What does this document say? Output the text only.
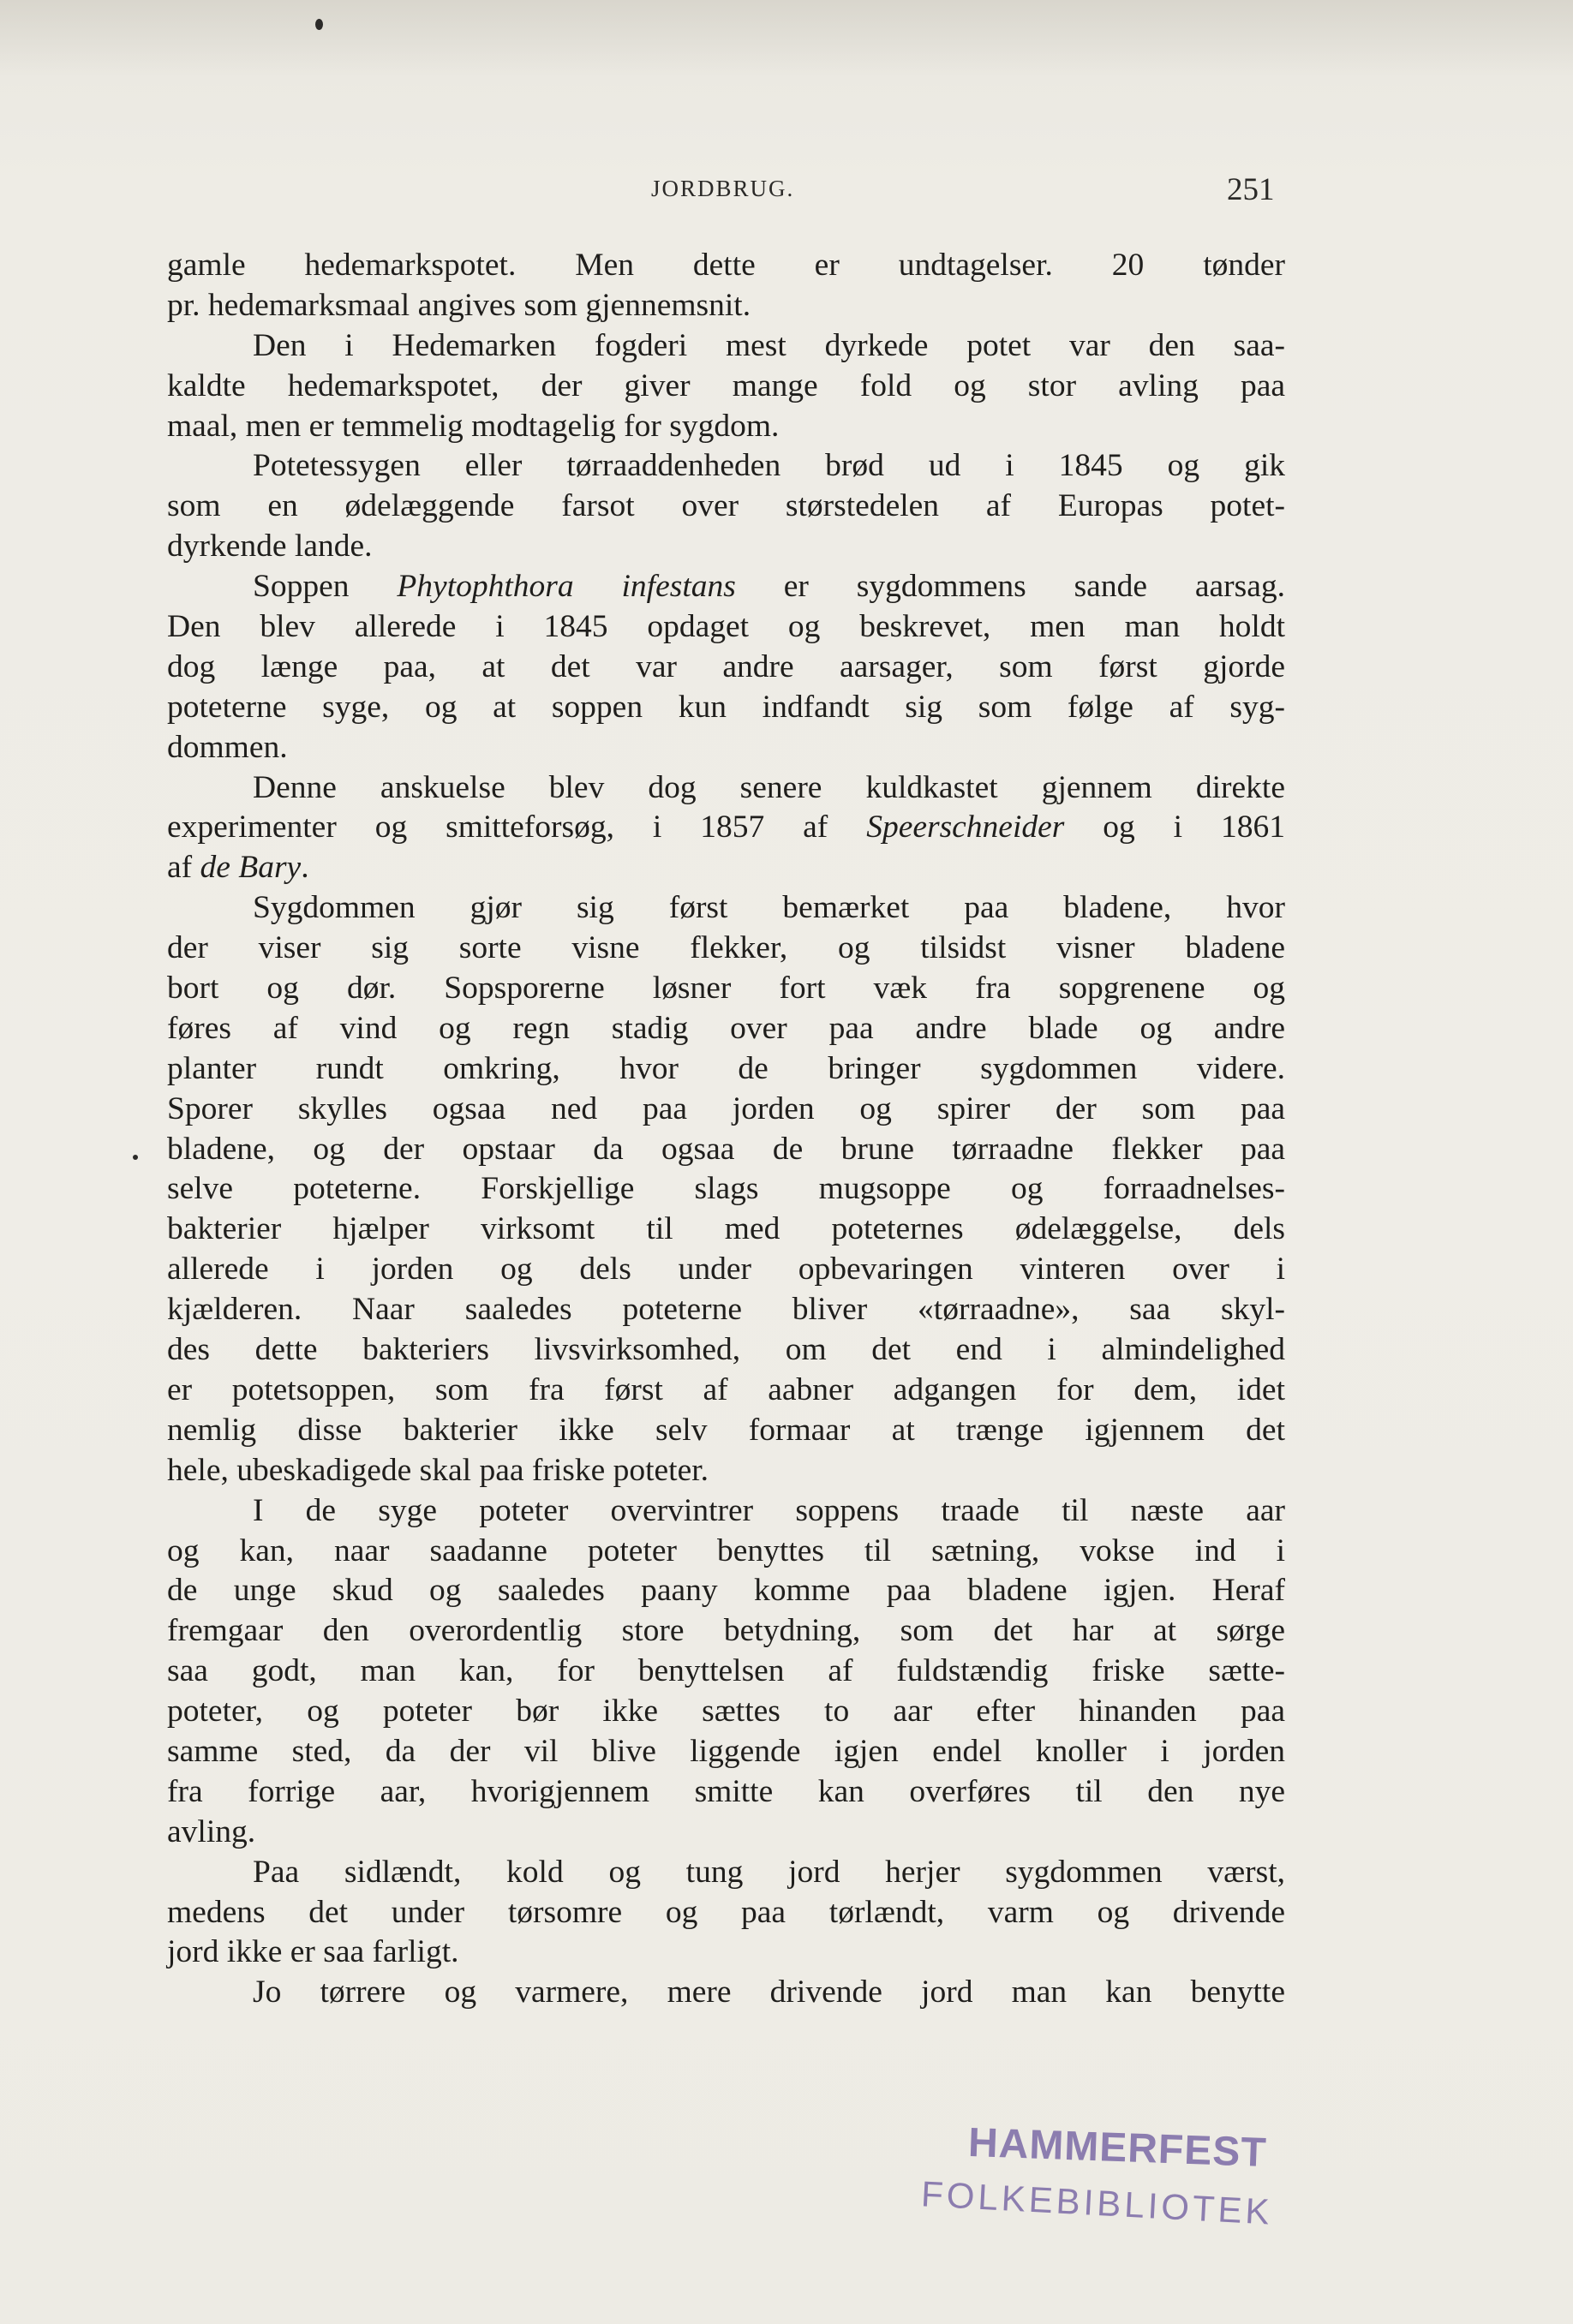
JORDBRUG.	251
gamle hedemarkspotet. Men dette er undtagelser. 20 tønder
pr. hedemarksmaal angives som gjennemsnit.
Den i Hedemarken fogderi mest dyrkede potet var den saa-
kaldte hedemarkspotet, der giver mange fold og stor avling paa
maal, men er temmelig modtagelig for sygdom.
Potetessygen eller tørraaddenheden brød ud i 1845 og gik
som en ødelæggende farsot over størstedelen af Europas potet-
dyrkende lande.
Soppen Phytophthora infestans er sygdommens sande aarsag.
Den blev allerede i 1845 opdaget og beskrevet, men man holdt
dog længe paa, at det var andre aarsager, som først gjorde
poteterne syge, og at soppen kun indfandt sig som følge af syg-
dommen.
Denne anskuelse blev dog senere kuldkastet gjennem direkte
experimenter og smitteforsøg, i 1857 af Speerschneider og i 1861
af de Bary.
Sygdommen gjør sig først bemærket paa bladene, hvor
der viser sig sorte visne flekker, og tilsidst visner bladene
bort og dør. Sopsporerne løsner fort væk fra sopgrenene og
føres af vind og regn stadig over paa andre blade og andre
planter rundt omkring, hvor de bringer sygdommen videre.
Sporer skylles ogsaa ned paa jorden og spirer der som paa
bladene, og der opstaar da ogsaa de brune tørraadne flekker paa
selve poteterne. Forskjellige slags mugsoppe og forraadnelses-
bakterier hjælper virksomt til med poteternes ødelæggelse, dels
allerede i jorden og dels under opbevaringen vinteren over i
kjælderen. Naar saaledes poteterne bliver «tørraadne», saa skyl-
des dette bakteriers livsvirksomhed, om det end i almindelighed
er potetsoppen, som fra først af aabner adgangen for dem, idet
nemlig disse bakterier ikke selv formaar at trænge igjennem det
hele, ubeskadigede skal paa friske poteter.
I de syge poteter overvintrer soppens traade til næste aar
og kan, naar saadanne poteter benyttes til sætning, vokse ind i
de unge skud og saaledes paany komme paa bladene igjen. Heraf
fremgaar den overordentlig store betydning, som det har at sørge
saa godt, man kan, for benyttelsen af fuldstændig friske sætte-
poteter, og poteter bør ikke sættes to aar efter hinanden paa
samme sted, da der vil blive liggende igjen endel knoller i jorden
fra forrige aar, hvorigjennem smitte kan overføres til den nye
avling.
Paa sidlændt, kold og tung jord herjer sygdommen værst,
medens det under tørsomre og paa tørlændt, varm og drivende
jord ikke er saa farligt.
Jo tørrere og varmere, mere drivende jord man kan benytte
HAMMERFEST
FOLKEBIBLIOTEK
